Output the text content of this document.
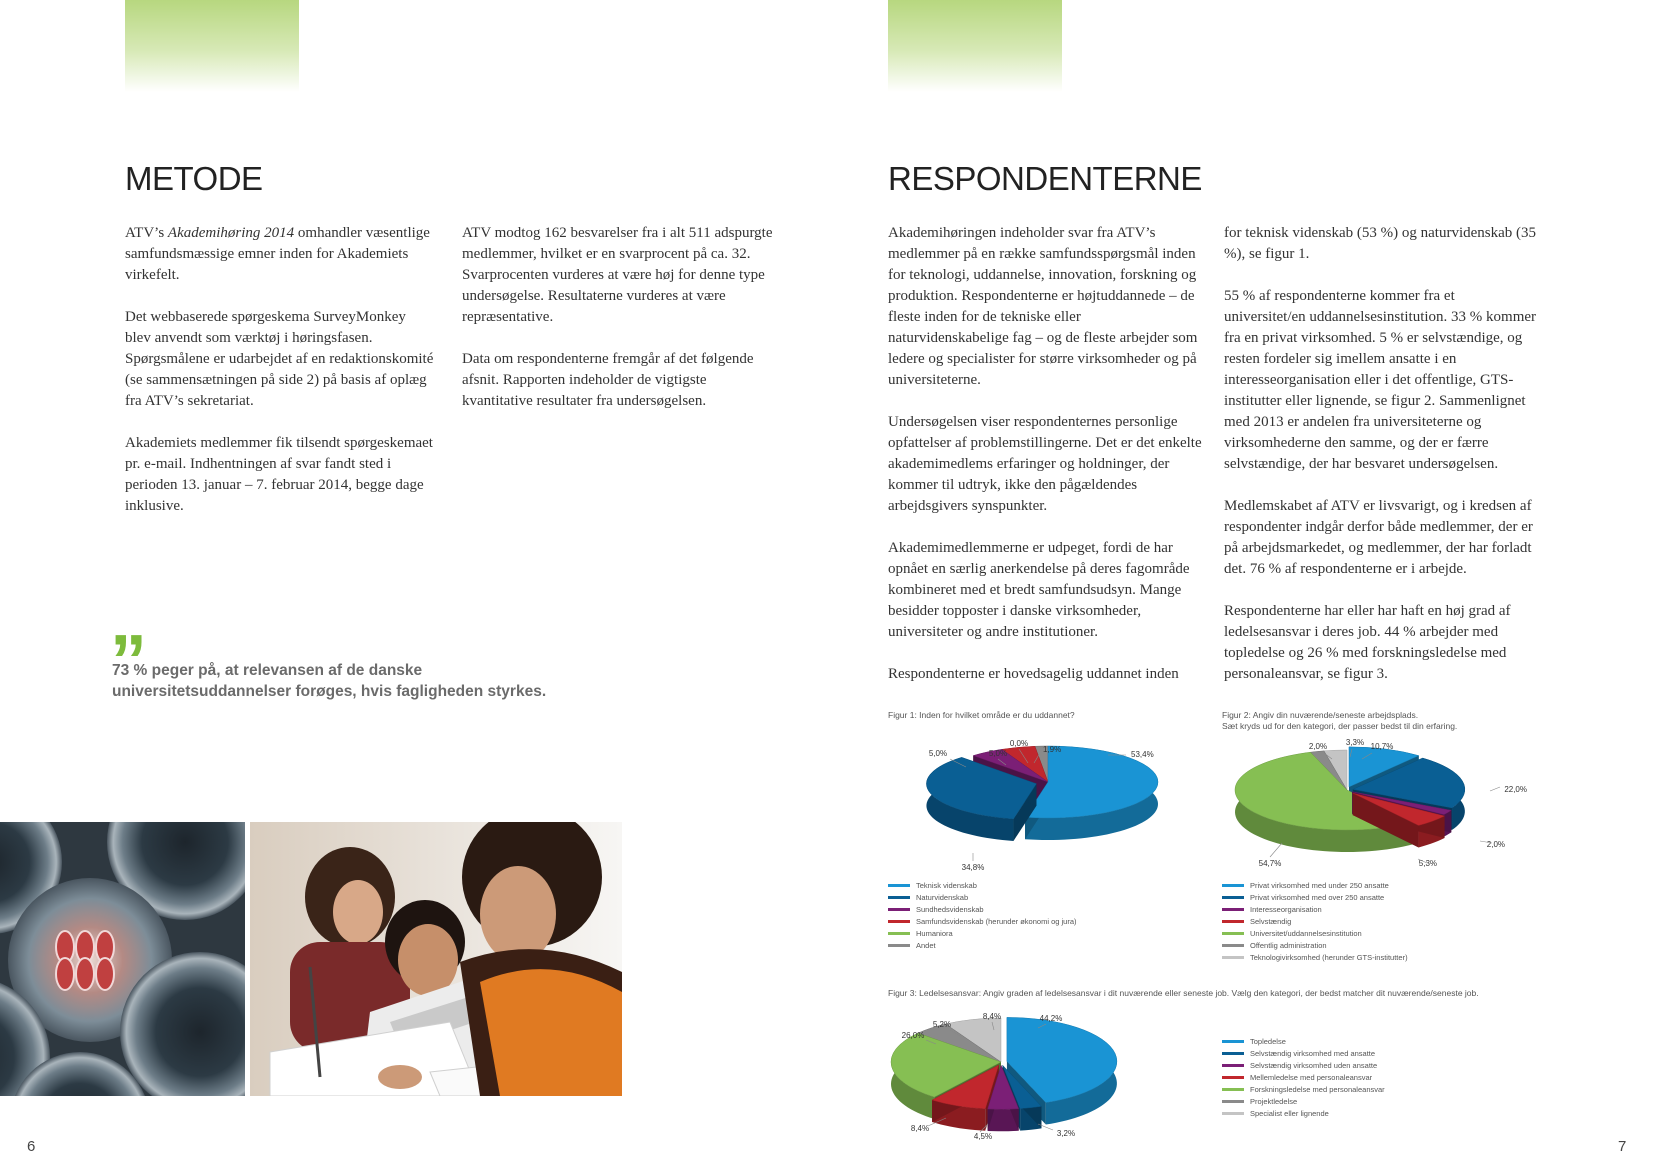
METODE

ATV’s Akademihøring 2014 omhandler væsentlige samfundsmæssige emner inden for Akademiets virkefelt.

Det webbaserede spørgeskema SurveyMonkey blev anvendt som værktøj i høringsfasen. Spørgsmålene er udarbejdet af en redaktionskomité (se sammensætningen på side 2) på basis af oplæg fra ATV’s sekretariat.

Akademiets medlemmer fik tilsendt spørgeskemaet pr. e-mail. Indhentningen af svar fandt sted i perioden 13. januar – 7. februar 2014, begge dage inklusive.

ATV modtog 162 besvarelser fra i alt 511 adspurgte medlemmer, hvilket er en svarprocent på ca. 32. Svarprocenten vurderes at være høj for denne type undersøgelse. Resultaterne vurderes at være repræsentative.

Data om respondenterne fremgår af det følgende afsnit. Rapporten indeholder de vigtigste kvantitative resultater fra undersøgelsen.

”

73 % peger på, at relevansen af de danske universitetsuddannelser forøges, hvis fagligheden styrkes.

6
RESPONDENTERNE

Akademihøringen indeholder svar fra ATV’s medlemmer på en række samfundsspørgsmål inden for teknologi, uddannelse, innovation, forskning og produktion. Respondenterne er højtuddannede – de fleste inden for de tekniske eller naturvidenskabelige fag – og de fleste arbejder som ledere og specialister for større virksomheder og på universiteterne.

Undersøgelsen viser respondenternes personlige opfattelser af problemstillingerne. Det er det enkelte akademimedlems erfaringer og holdninger, der kommer til udtryk, ikke den pågældendes arbejdsgivers synspunkter.

Akademimedlemmerne er udpeget, fordi de har opnået en særlig anerkendelse på deres fagområde kombineret med et bredt samfundsudsyn. Mange besidder topposter i danske virksomheder, universiteter og andre institutioner.

Respondenterne er hovedsagelig uddannet inden

for teknisk videnskab (53 %) og naturvidenskab (35 %), se figur 1.

55 % af respondenterne kommer fra et universitet/en uddannelsesinstitution. 33 % kommer fra en privat virksomhed. 5 % er selvstændige, og resten fordeler sig imellem ansatte i en interesseorganisation eller i det offentlige, GTS-institutter eller lignende, se figur 2. Sammenlignet med 2013 er andelen fra universiteterne og virksomhederne den samme, og der er færre selvstændige, der har besvaret undersøgelsen.

Medlemskabet af ATV er livsvarigt, og i kredsen af respondenter indgår derfor både medlemmer, der er på arbejdsmarkedet, og medlemmer, der har forladt det. 76 % af respondenterne er i arbejde.

Respondenterne har eller har haft en høj grad af ledelsesansvar i deres job. 44 % arbejder med topledelse og 26 % med forskningsledelse med personaleansvar, se figur 3.

Figur 1: Inden for hvilket område er du uddannet?
53,4%
34,8%
5,0%	5,0%
0,0%
1,9%
Teknisk videnskab
Naturvidenskab
Sundhedsvidenskab
Samfundsvidenskab (herunder økonomi og jura)
Humaniora
Andet
Figur 2: Angiv din nuværende/seneste arbejdsplads.
Sæt kryds ud for den kategori, der passer bedst til din erfaring.
10,7%
22,0%
2,0%
5,3%
54,7%
2,0% 3,3%
Privat virksomhed med under 250 ansatte
Privat virksomhed med over 250 ansatte
Interesseorganisation
Selvstændig
Universitet/uddannelsesinstitution
Offentlig administration
Teknologivirksomhed (herunder GTS-institutter)
Figur 3: Ledelsesansvar: Angiv graden af ledelsesansvar i dit nuværende eller seneste job. Vælg den kategori, der bedst matcher dit nuværende/seneste job.
44,2%
3,2%
4,5%
8,4%
26,0%
5,2%
8,4%
Topledelse
Selvstændig virksomhed med ansatte
Selvstændig virksomhed uden ansatte
Mellemledelse med personaleansvar
Forskningsledelse med personaleansvar
Projektledelse
Specialist eller lignende
7
